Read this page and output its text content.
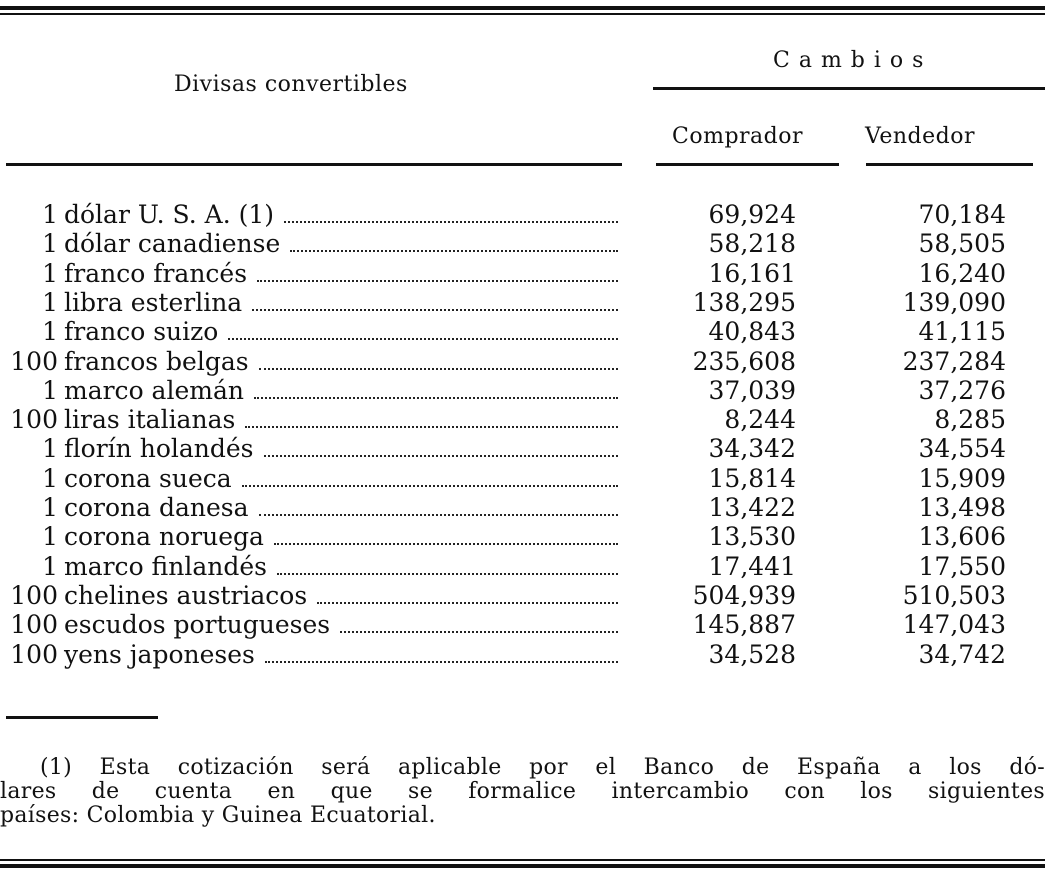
Divisas convertibles
Cambios
Comprador	Vendedor
1 dólar U. S. A. (1)	69,924	70,184
1 dólar canadiense	58,218	58,505
1 franco francés	16,161	16,240
1 libra esterlina	138,295	139,090
1 franco suizo	40,843	41,115
100 francos belgas	235,608	237,284
1 marco alemán	37,039	37,276
100 liras italianas	8,244	8,285
1 florín holandés	34,342	34,554
1 corona sueca	15,814	15,909
1 corona danesa	13,422	13,498
1 corona noruega	13,530	13,606
1 marco finlandés	17,441	17,550
100 chelines austriacos	504,939	510,503
100 escudos portugueses	145,887	147,043
100 yens japoneses	34,528	34,742

(1) Esta cotización será aplicable por el Banco de España a los dó-

lares de cuenta en que se formalice intercambio con los siguientes

países: Colombia y Guinea Ecuatorial.
